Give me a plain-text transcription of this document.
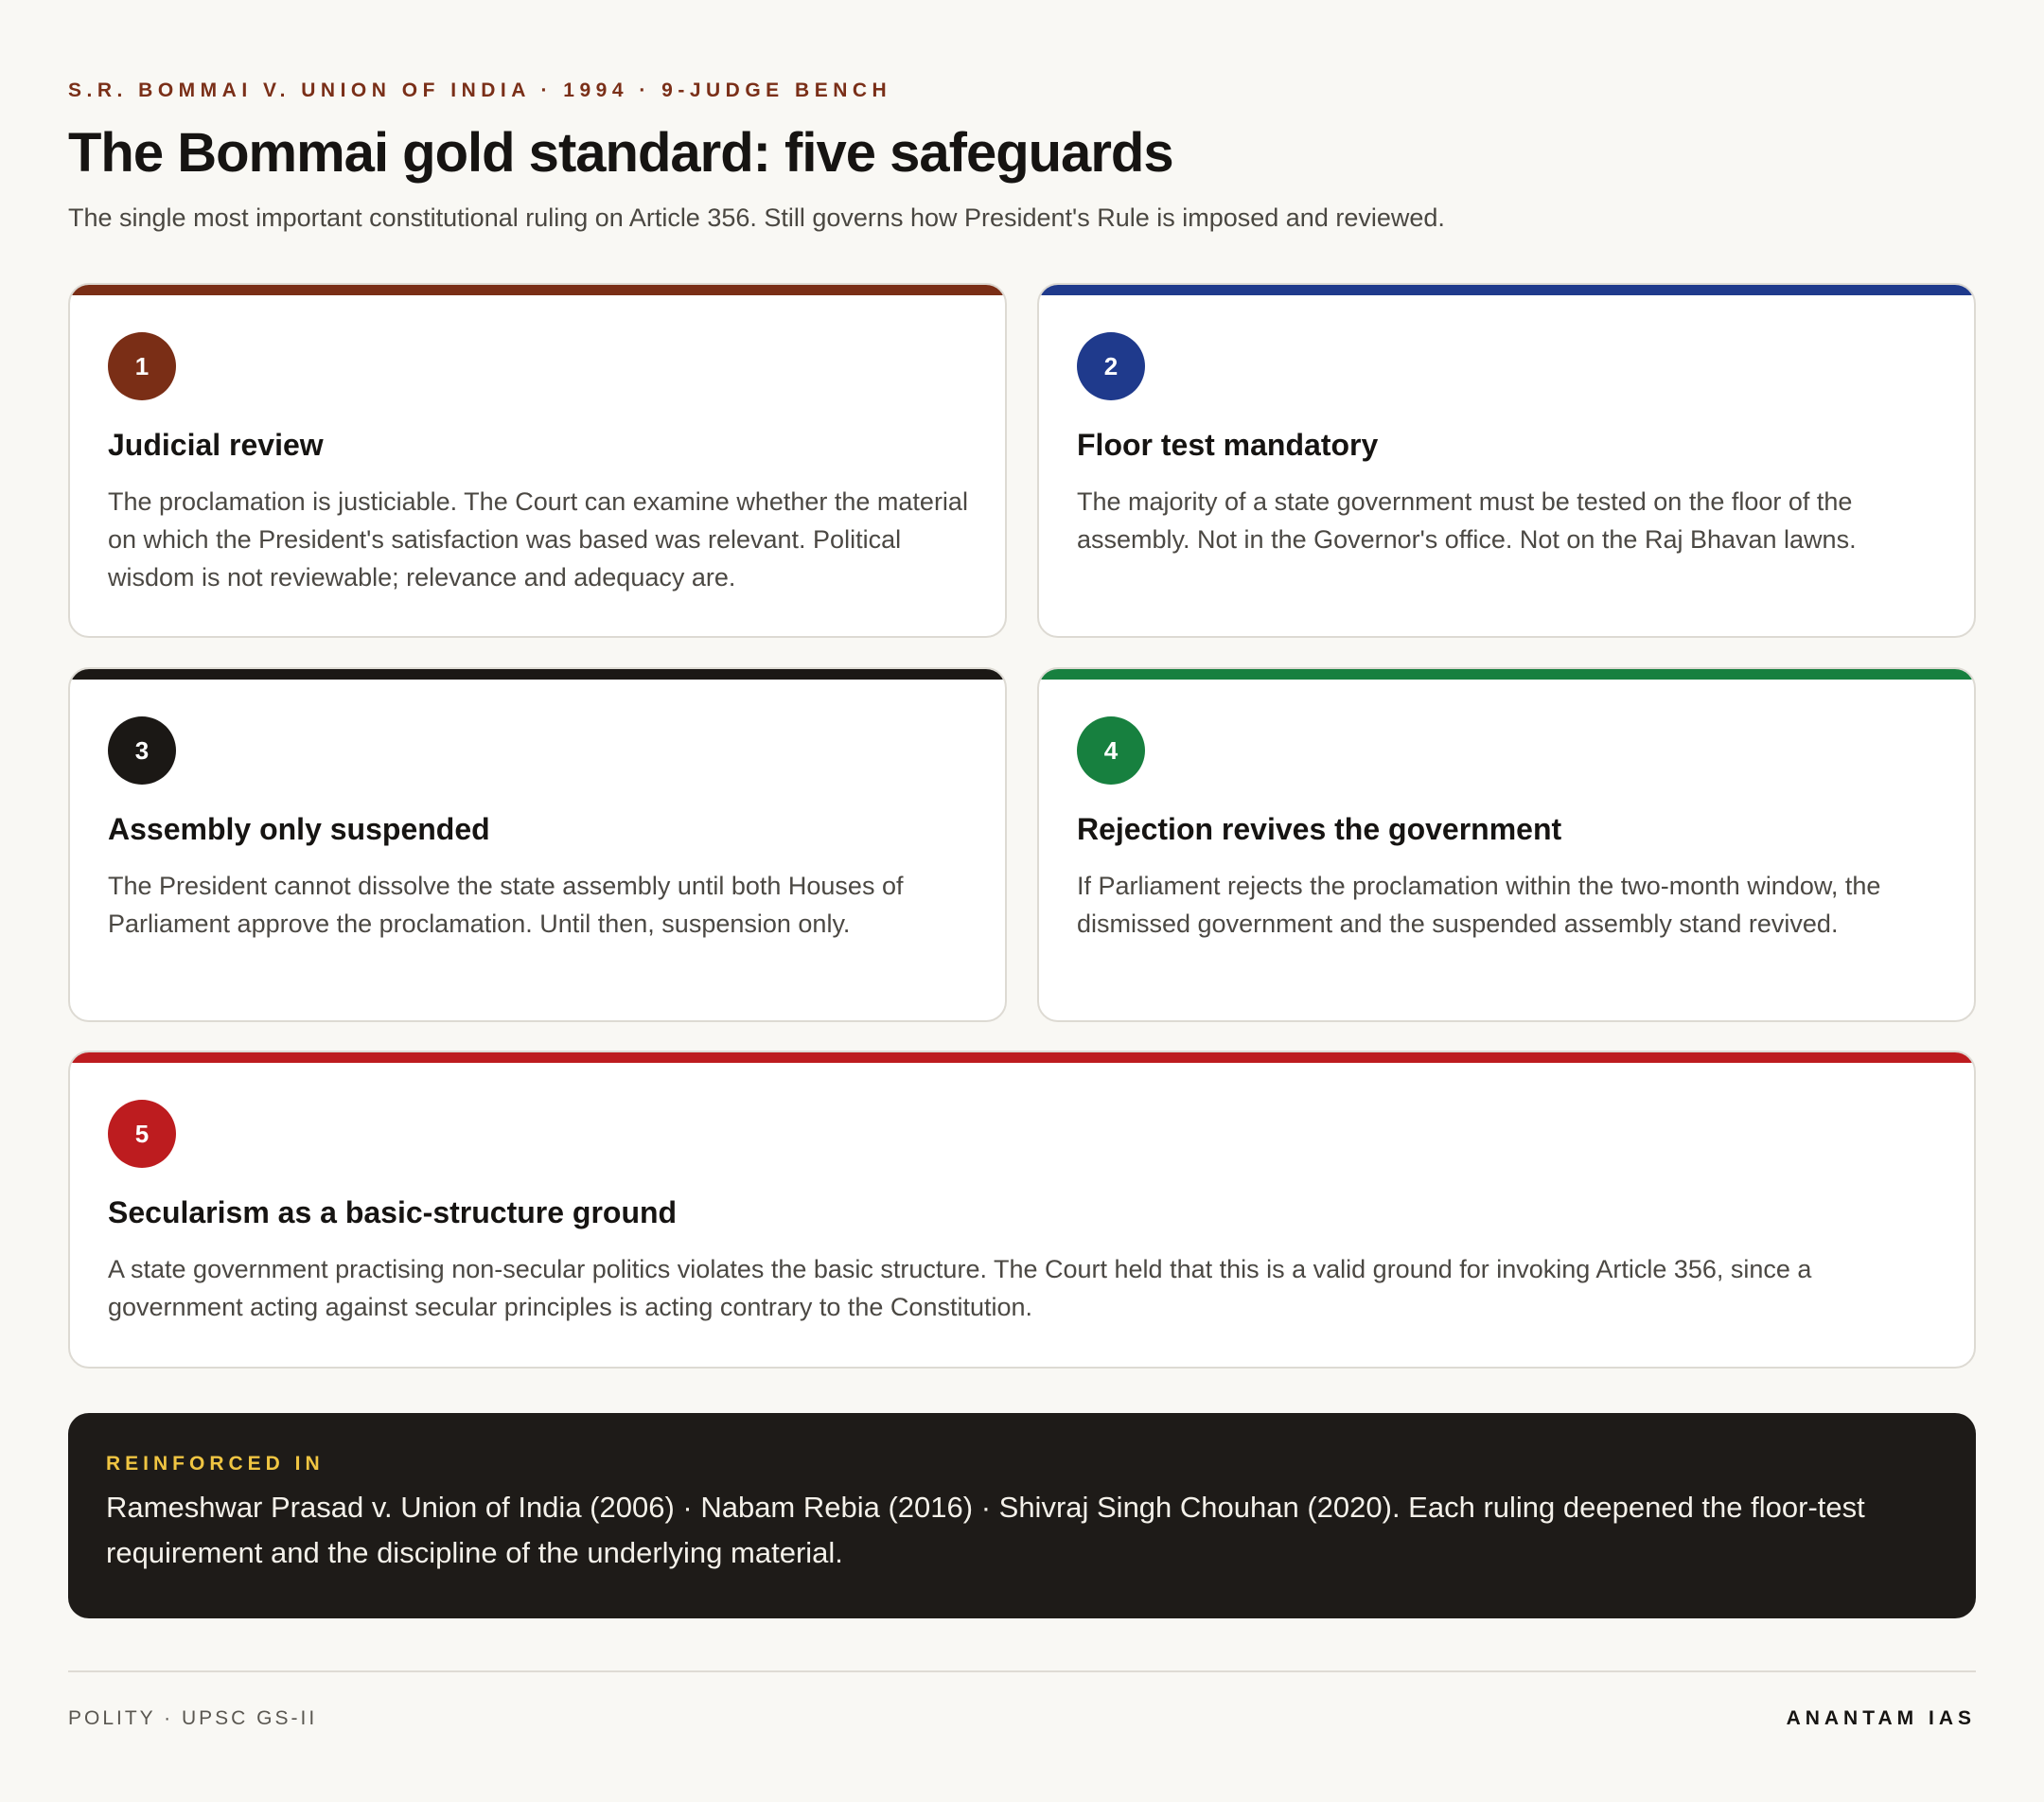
S.R. BOMMAI V. UNION OF INDIA · 1994 · 9-JUDGE BENCH
The Bommai gold standard: five safeguards
The single most important constitutional ruling on Article 356. Still governs how President's Rule is imposed and reviewed.
1
Judicial review

The proclamation is justiciable. The Court can examine whether the material on which the President's satisfaction was based was relevant. Political wisdom is not reviewable; relevance and adequacy are.

2
Floor test mandatory

The majority of a state government must be tested on the floor of the assembly. Not in the Governor's office. Not on the Raj Bhavan lawns.

3
Assembly only suspended

The President cannot dissolve the state assembly until both Houses of Parliament approve the proclamation. Until then, suspension only.

4
Rejection revives the government

If Parliament rejects the proclamation within the two-month window, the dismissed government and the suspended assembly stand revived.

5
Secularism as a basic-structure ground

A state government practising non-secular politics violates the basic structure. The Court held that this is a valid ground for invoking Article 356, since a government acting against secular principles is acting contrary to the Constitution.

REINFORCED IN
Rameshwar Prasad v. Union of India (2006) · Nabam Rebia (2016) · Shivraj Singh Chouhan (2020). Each ruling deepened the floor-test requirement and the discipline of the underlying material.
POLITY · UPSC GS-II	ANANTAM IAS
